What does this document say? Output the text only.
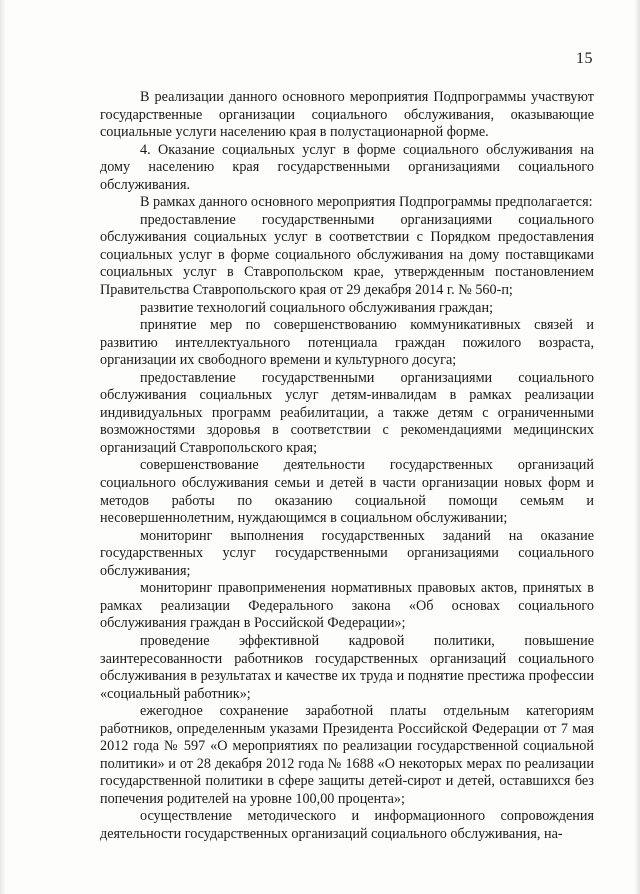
15

В реализации данного основного мероприятия Подпрограммы участвуют государственные организации социального обслуживания, оказывающие социальные услуги населению края в полустационарной форме.

4. Оказание социальных услуг в форме социального обслуживания на дому населению края государственными организациями социального обслуживания.

В рамках данного основного мероприятия Подпрограммы предполагается:

предоставление государственными организациями социального обслуживания социальных услуг в соответствии с Порядком предоставления социальных услуг в форме социального обслуживания на дому поставщиками социальных услуг в Ставропольском крае, утвержденным постановлением Правительства Ставропольского края от 29 декабря 2014 г. № 560-п;

развитие технологий социального обслуживания граждан;

принятие мер по совершенствованию коммуникативных связей и развитию интеллектуального потенциала граждан пожилого возраста, организации их свободного времени и культурного досуга;

предоставление государственными организациями социального обслуживания социальных услуг детям-инвалидам в рамках реализации индивидуальных программ реабилитации, а также детям с ограниченными возможностями здоровья в соответствии с рекомендациями медицинских организаций Ставропольского края;

совершенствование деятельности государственных организаций социального обслуживания семьи и детей в части организации новых форм и методов работы по оказанию социальной помощи семьям и несовершеннолетним, нуждающимся в социальном обслуживании;

мониторинг выполнения государственных заданий на оказание государственных услуг государственными организациями социального обслуживания;

мониторинг правоприменения нормативных правовых актов, принятых в рамках реализации Федерального закона «Об основах социального обслуживания граждан в Российской Федерации»;

проведение эффективной кадровой политики, повышение заинтересованности работников государственных организаций социального обслуживания в результатах и качестве их труда и поднятие престижа профессии «социальный работник»;

ежегодное сохранение заработной платы отдельным категориям работников, определенным указами Президента Российской Федерации от 7 мая 2012 года № 597 «О мероприятиях по реализации государственной социальной политики» и от 28 декабря 2012 года № 1688 «О некоторых мерах по реализации государственной политики в сфере защиты детей-сирот и детей, оставшихся без попечения родителей на уровне 100,00 процента»;

осуществление методического и информационного сопровождения деятельности государственных организаций социального обслуживания, на-
